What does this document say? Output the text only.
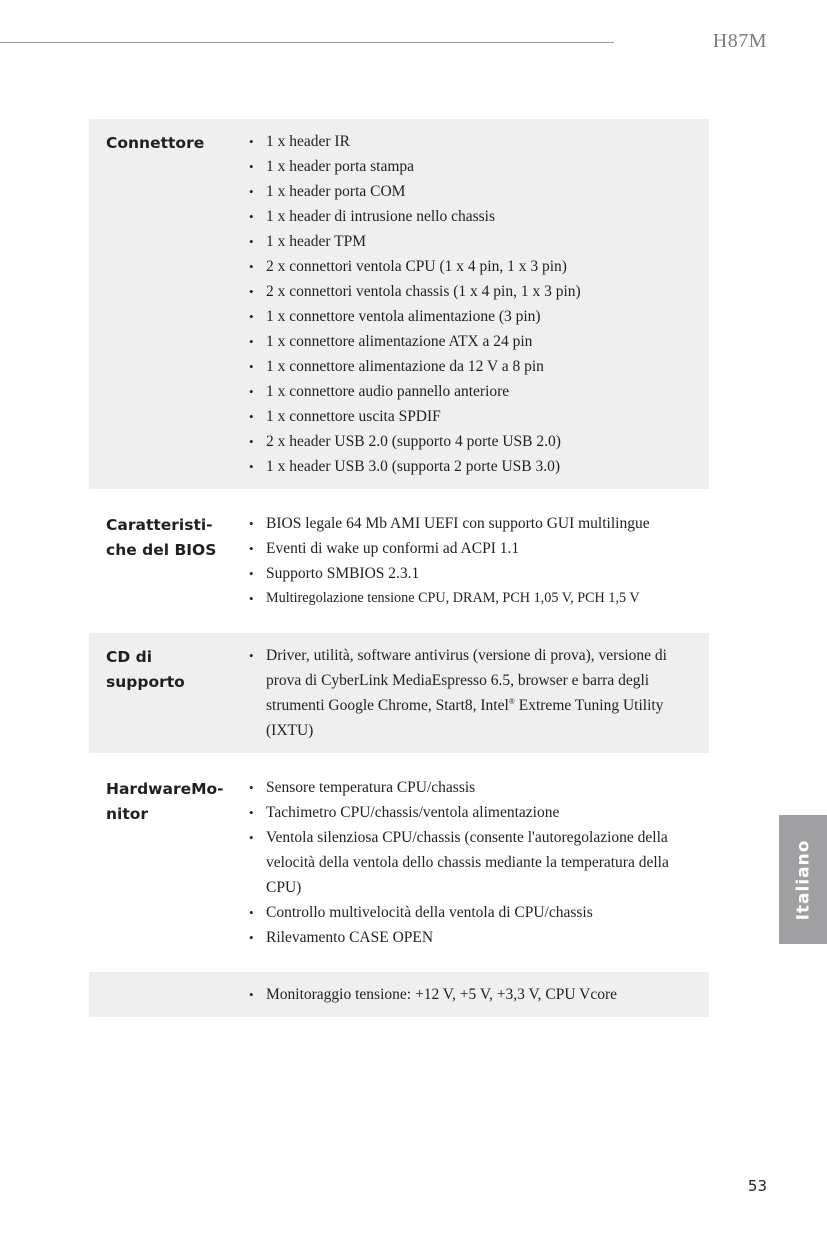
H87M
Connettore	• 1 x header IR
• 1 x header porta stampa
• 1 x header porta COM
• 1 x header di intrusione nello chassis
• 1 x header TPM
• 2 x connettori ventola CPU (1 x 4 pin, 1 x 3 pin)
• 2 x connettori ventola chassis (1 x 4 pin, 1 x 3 pin)
• 1 x connettore ventola alimentazione (3 pin)
• 1 x connettore alimentazione ATX a 24 pin
• 1 x connettore alimentazione da 12 V a 8 pin
• 1 x connettore audio pannello anteriore
• 1 x connettore uscita SPDIF
• 2 x header USB 2.0 (supporto 4 porte USB 2.0)
• 1 x header USB 3.0 (supporta 2 porte USB 3.0)
Caratteristi-
che del BIOS
• BIOS legale 64 Mb AMI UEFI con supporto GUI multilingue
• Eventi di wake up conformi ad ACPI 1.1
• Supporto SMBIOS 2.3.1
• Multiregolazione tensione CPU, DRAM, PCH 1,05 V, PCH 1,5 V
CD di
supporto
• Driver, utilità, software antivirus (versione di prova), versione di prova di CyberLink MediaEspresso 6.5, browser e barra degli strumenti Google Chrome, Start8, Intel® Extreme Tuning Utility (IXTU)
HardwareMo-
nitor
• Sensore temperatura CPU/chassis
• Tachimetro CPU/chassis/ventola alimentazione
• Ventola silenziosa CPU/chassis (consente l'autoregolazione della velocità della ventola dello chassis mediante la temperatura della CPU)
• Controllo multivelocità della ventola di CPU/chassis
• Rilevamento CASE OPEN
• Monitoraggio tensione: +12 V, +5 V, +3,3 V, CPU Vcore
Italiano
53
